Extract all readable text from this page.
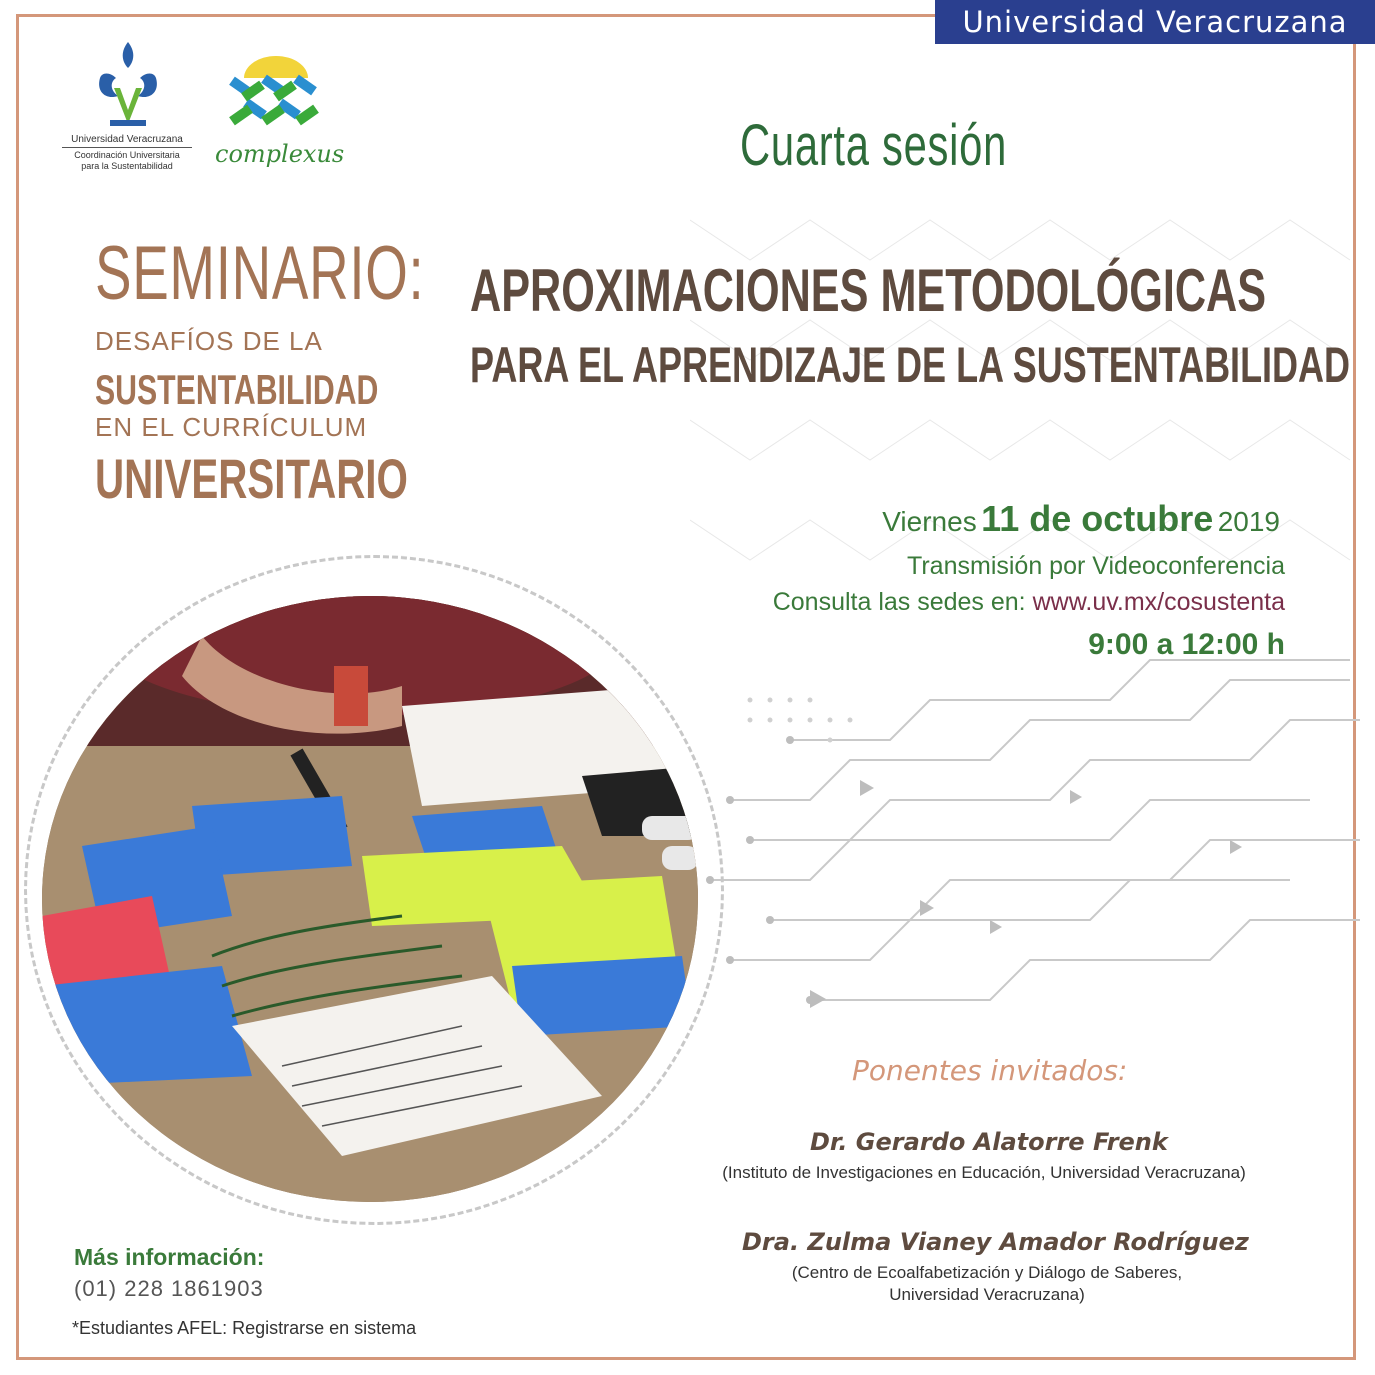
Universidad Veracruzana
Universidad Veracruzana
Coordinación Universitaria
para la Sustentabilidad	complexus	Cuarta sesión
APROXIMACIONES METODOLÓGICAS
PARA EL APRENDIZAJE DE LA SUSTENTABILIDAD
SEMINARIO:
DESAFÍOS DE LA
SUSTENTABILIDAD
EN EL CURRÍCULUM
UNIVERSITARIO
Viernes 11 de octubre 2019
Transmisión por Videoconferencia
Consulta las sedes en: www.uv.mx/cosustenta
9:00 a 12:00 h
Ponentes invitados:
Dr. Gerardo Alatorre Frenk
(Instituto de Investigaciones en Educación, Universidad Veracruzana)
Dra. Zulma Vianey Amador Rodríguez
(Centro de Ecoalfabetización y Diálogo de Saberes,
Universidad Veracruzana)
Más información:
(01) 228 1861903
*Estudiantes AFEL: Registrarse en sistema
